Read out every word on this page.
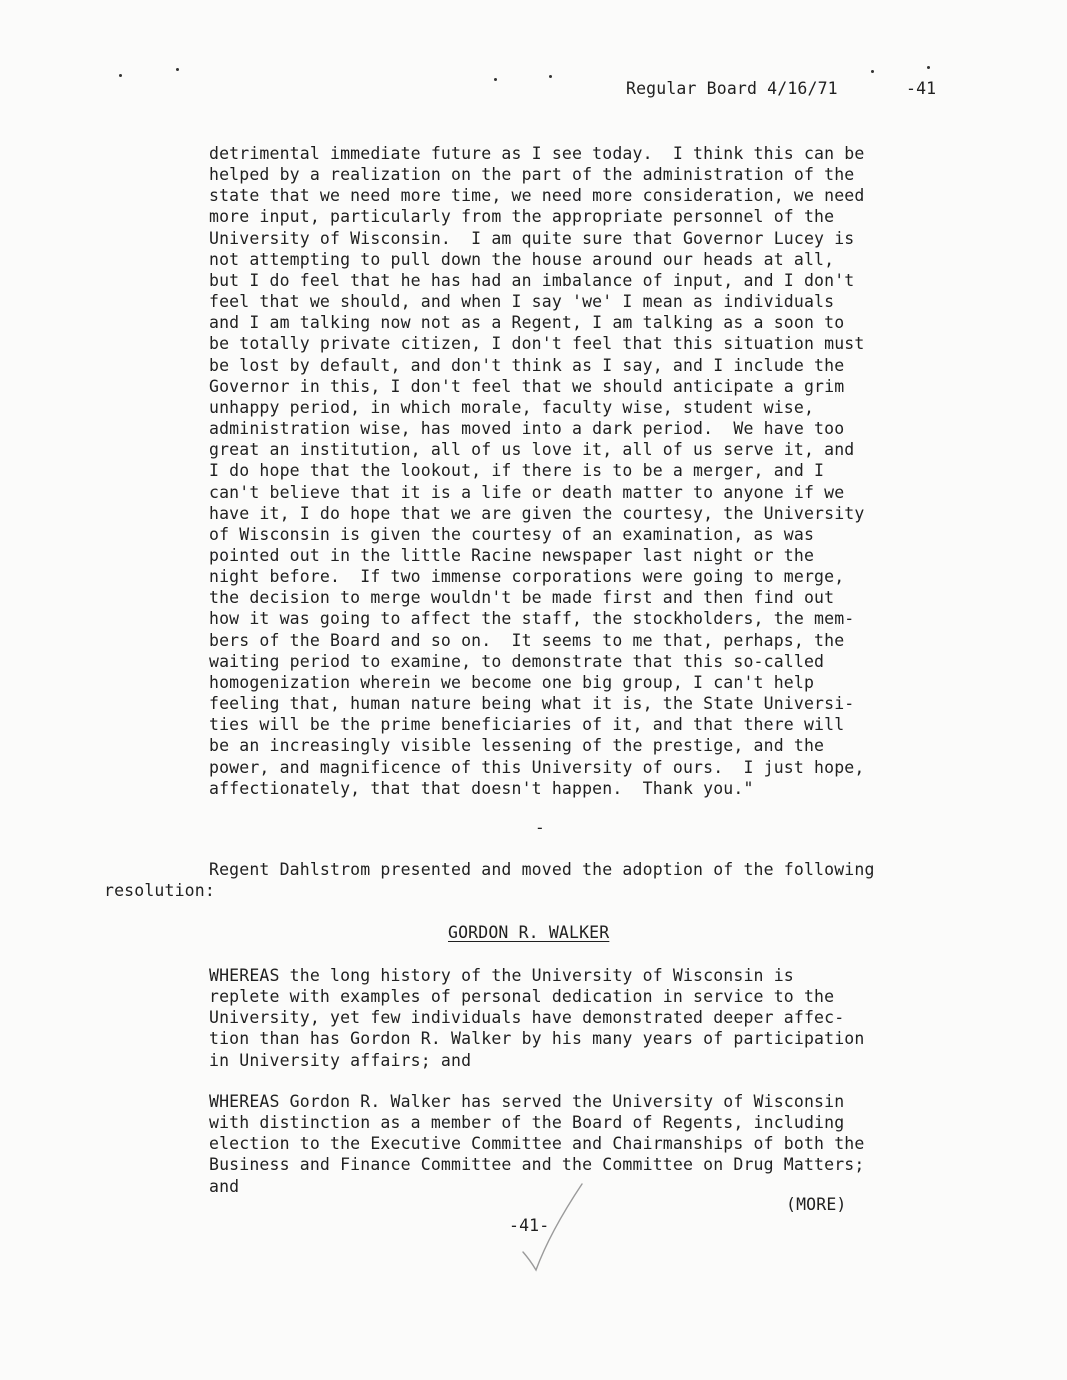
Regular Board 4/16/71	-41
detrimental immediate future as I see today.  I think this can be
helped by a realization on the part of the administration of the
state that we need more time, we need more consideration, we need
more input, particularly from the appropriate personnel of the
University of Wisconsin.  I am quite sure that Governor Lucey is
not attempting to pull down the house around our heads at all,
but I do feel that he has had an imbalance of input, and I don't
feel that we should, and when I say 'we' I mean as individuals
and I am talking now not as a Regent, I am talking as a soon to
be totally private citizen, I don't feel that this situation must
be lost by default, and don't think as I say, and I include the
Governor in this, I don't feel that we should anticipate a grim
unhappy period, in which morale, faculty wise, student wise,
administration wise, has moved into a dark period.  We have too
great an institution, all of us love it, all of us serve it, and
I do hope that the lookout, if there is to be a merger, and I
can't believe that it is a life or death matter to anyone if we
have it, I do hope that we are given the courtesy, the University
of Wisconsin is given the courtesy of an examination, as was
pointed out in the little Racine newspaper last night or the
night before.  If two immense corporations were going to merge,
the decision to merge wouldn't be made first and then find out
how it was going to affect the staff, the stockholders, the mem-
bers of the Board and so on.  It seems to me that, perhaps, the
waiting period to examine, to demonstrate that this so-called
homogenization wherein we become one big group, I can't help
feeling that, human nature being what it is, the State Universi-
ties will be the prime beneficiaries of it, and that there will
be an increasingly visible lessening of the prestige, and the
power, and magnificence of this University of ours.  I just hope,
affectionately, that that doesn't happen.  Thank you."
-
Regent Dahlstrom presented and moved the adoption of the following
resolution:
GORDON R. WALKER
WHEREAS the long history of the University of Wisconsin is
replete with examples of personal dedication in service to the
University, yet few individuals have demonstrated deeper affec-
tion than has Gordon R. Walker by his many years of participation
in University affairs; and
WHEREAS Gordon R. Walker has served the University of Wisconsin
with distinction as a member of the Board of Regents, including
election to the Executive Committee and Chairmanships of both the
Business and Finance Committee and the Committee on Drug Matters;
and
(MORE)
-41-
